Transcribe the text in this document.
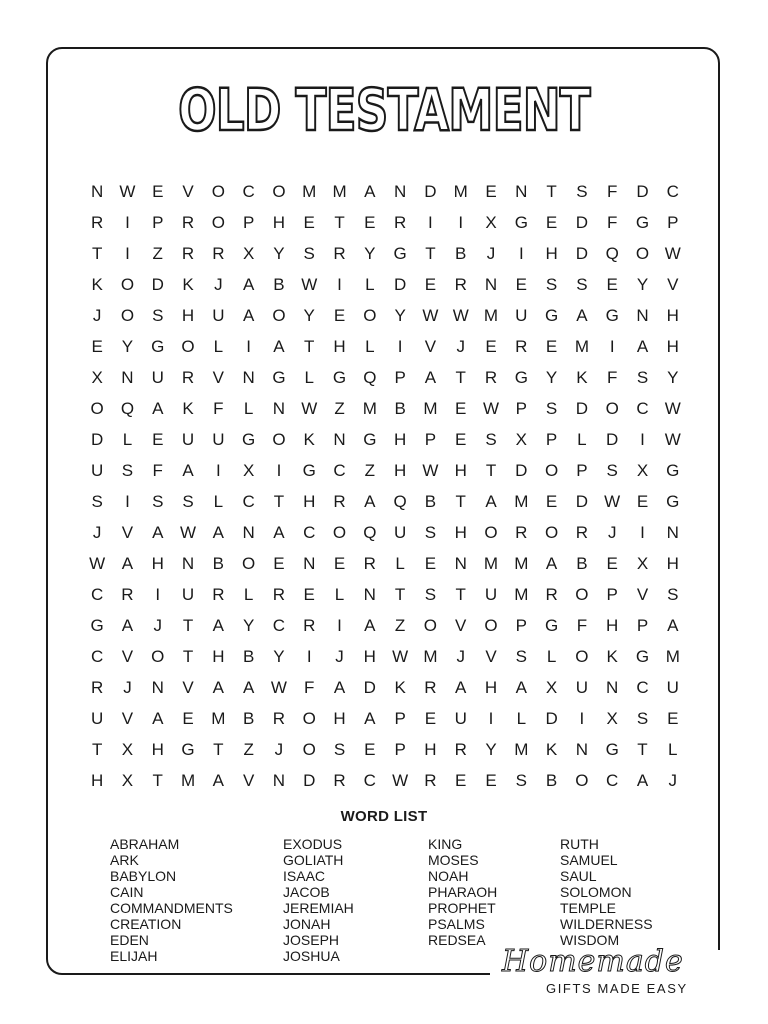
OLD TESTAMENT
N W E	V	O	C	O M M	A	N	D	M	E	N	T	S	F	D	C
R	I	P	R	O	P	H	E	T	E	R	I	I	X	G	E	D	F	G	P
T	I	Z	R	R	X	Y	S	R	Y	G	T	B	J	I	H	D	Q	O W
K	O	D	K	J	A	B W	I	L	D	E	R	N	E	S	S	E	Y	V
J	O	S	H	U	A	O	Y	E	O	Y W W M	U	G	A	G	N	H
E	Y	G	O	L	I	A	T	H	L	I	V	J	E	R	E	M	I	A	H
X	N	U	R	V	N	G	L	G	Q	P	A	T	R	G	Y	K	F	S	Y
O	Q	A	K	F	L	N W	Z	M	B	M	E W P	S	D	O	C W
D	L	E	U	U	G	O	K	N	G	H	P	E	S	X	P	L	D	I	W
U	S	F	A	I	X	I	G	C	Z	H W H	T	D	O	P	S	X	G
S	I	S	S	L	C	T	H	R	A	Q	B	T	A	M	E	D W E	G
J	V	A W A	N	A	C	O	Q	U	S	H	O	R	O	R	J	I	N
W A	H	N	B	O	E	N	E	R	L	E	N	M M	A	B	E	X	H
C	R	I	U	R	L	R	E	L	N	T	S	T	U	M	R	O	P	V	S
G	A	J	T	A	Y	C	R	I	A	Z	O	V	O	P	G	F	H	P	A
C	V	O	T	H	B	Y	I	J	H W M	J	V	S	L	O	K	G M
R	J	N	V	A	A W	F	A	D	K	R	A	H	A	X	U	N	C	U
U	V	A	E	M	B	R	O	H	A	P	E	U	I	L	D	I	X	S	E
T	X	H	G	T	Z	J	O	S	E	P	H	R	Y	M	K	N	G	T	L
H	X	T	M	A	V	N	D	R	C W R	E	E	S	B	O	C	A	J
WORD LIST
ABRAHAM
ARK
BABYLON
CAIN
COMMANDMENTS
CREATION
EDEN
ELIJAH
EXODUS
GOLIATH
ISAAC
JACOB
JEREMIAH
JONAH
JOSEPH
JOSHUA
KING
MOSES
NOAH
PHARAOH
PROPHET
PSALMS
REDSEA
RUTH
SAMUEL
SAUL
SOLOMON
TEMPLE
WILDERNESS
WISDOM
Homemade
GIFTS MADE EASY
